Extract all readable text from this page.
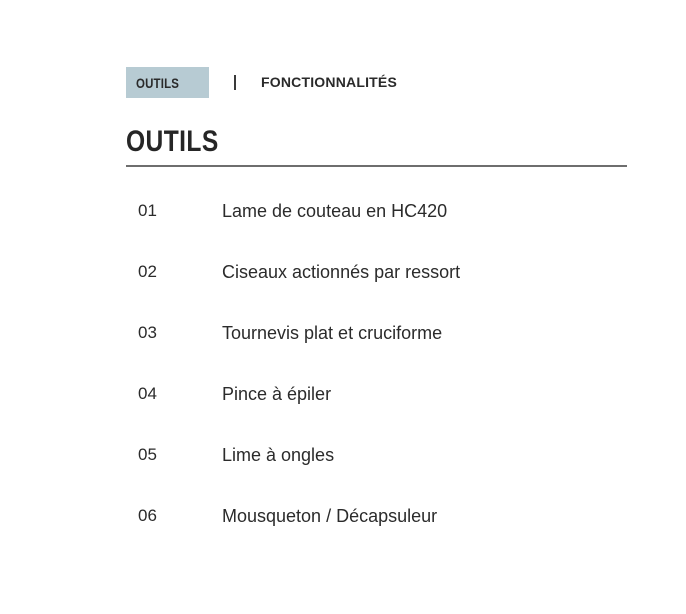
OUTILS	FONCTIONNALITÉS
OUTILS
01	Lame de couteau en HC420
02	Ciseaux actionnés par ressort
03	Tournevis plat et cruciforme
04	Pince à épiler
05	Lime à ongles
06	Mousqueton / Décapsuleur
